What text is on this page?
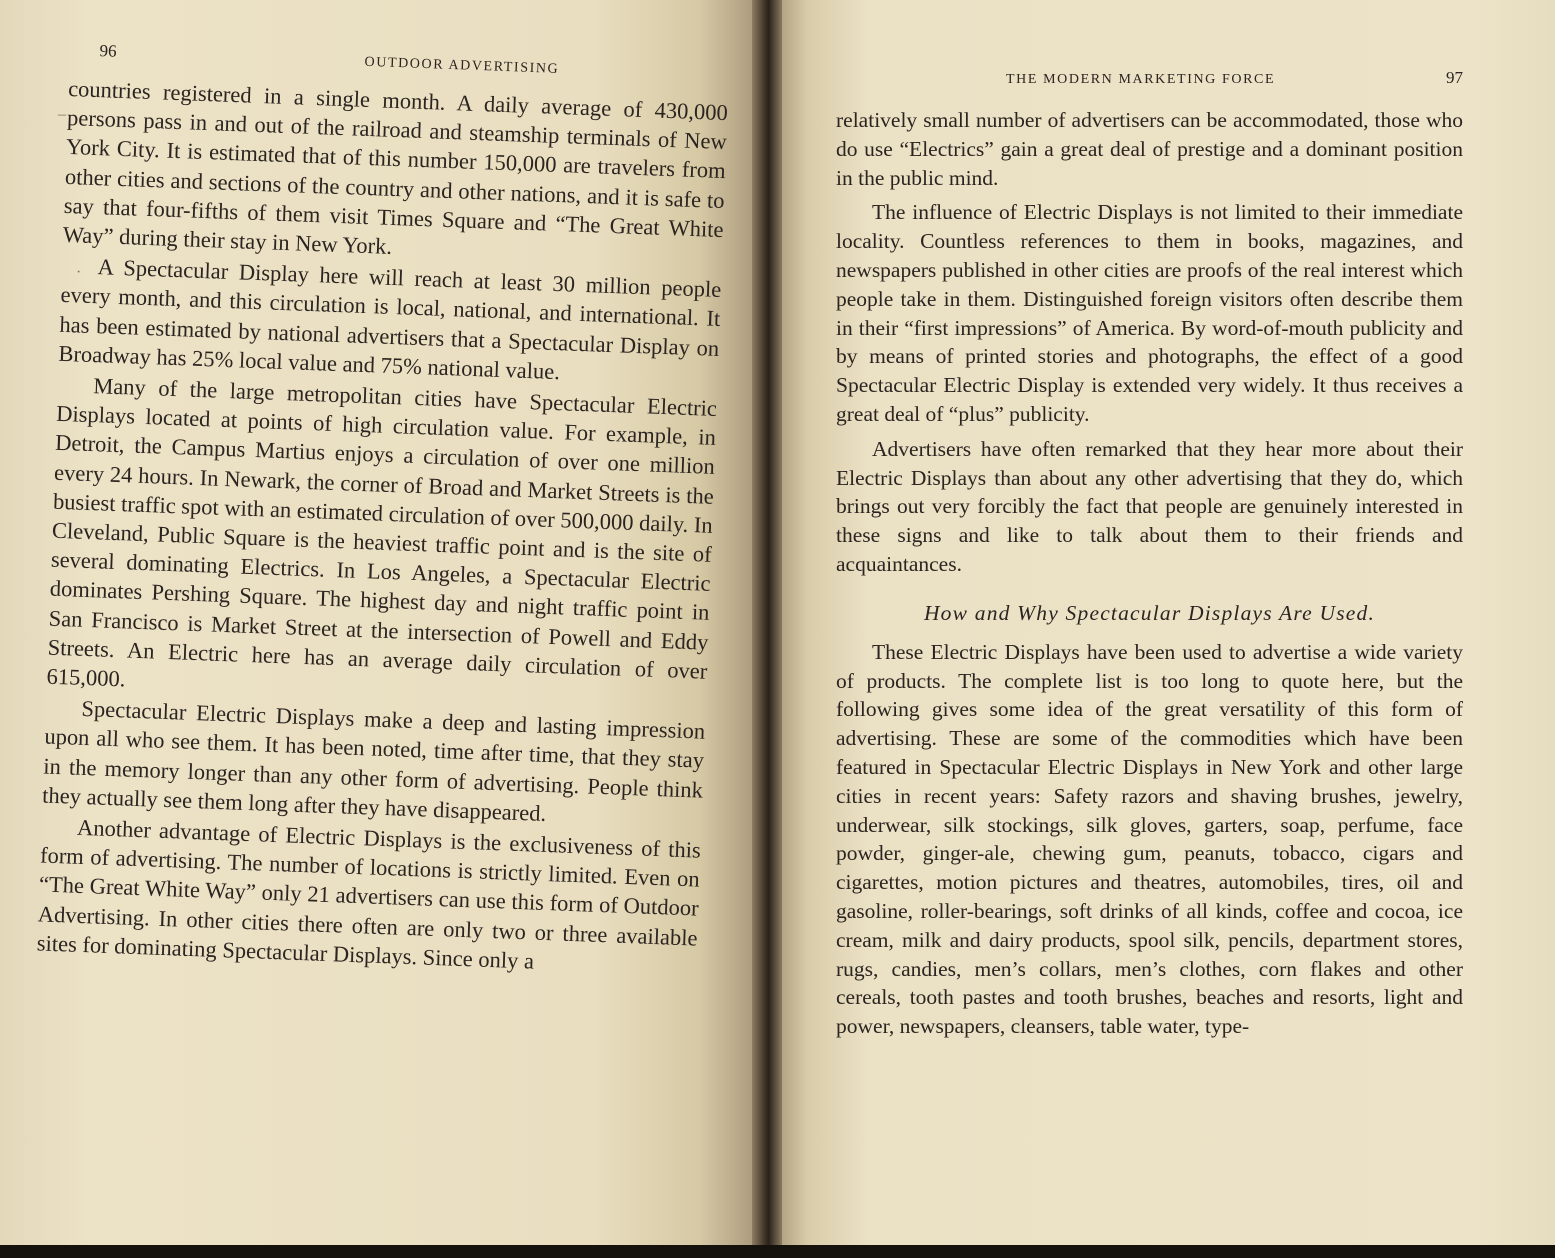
–
·
96
OUTDOOR ADVERTISING

countries registered in a single month. A daily average of 430,000 persons pass in and out of the railroad and steamship terminals of New York City. It is estimated that of this number 150,000 are travelers from other cities and sections of the country and other nations, and it is safe to say that four-fifths of them visit Times Square and “The Great White Way” during their stay in New York.

A Spectacular Display here will reach at least 30 million people every month, and this circulation is local, national, and international. It has been estimated by national advertisers that a Spectacular Display on Broadway has 25% local value and 75% national value.

Many of the large metropolitan cities have Spectacular Electric Displays located at points of high circulation value. For example, in Detroit, the Campus Martius enjoys a circulation of over one million every 24 hours. In Newark, the corner of Broad and Market Streets is the busiest traffic spot with an estimated circulation of over 500,000 daily. In Cleveland, Public Square is the heaviest traffic point and is the site of several dominating Electrics. In Los Angeles, a Spectacular Electric dominates Pershing Square. The highest day and night traffic point in San Francisco is Market Street at the intersection of Powell and Eddy Streets. An Electric here has an average daily circulation of over 615,000.

Spectacular Electric Displays make a deep and lasting impression upon all who see them. It has been noted, time after time, that they stay in the memory longer than any other form of advertising. People think they actually see them long after they have disappeared.

Another advantage of Electric Displays is the exclusiveness of this form of advertising. The number of locations is strictly limited. Even on “The Great White Way” only 21 advertisers can use this form of Outdoor Advertising. In other cities there often are only two or three available sites for dominating Spectacular Displays. Since only a

THE MODERN MARKETING FORCE	97

relatively small number of advertisers can be accommodated, those who do use “Electrics” gain a great deal of prestige and a dominant position in the public mind.

The influence of Electric Displays is not limited to their immediate locality. Countless references to them in books, magazines, and newspapers published in other cities are proofs of the real interest which people take in them. Distinguished foreign visitors often describe them in their “first impressions” of America. By word-of-mouth publicity and by means of printed stories and photographs, the effect of a good Spectacular Electric Display is extended very widely. It thus receives a great deal of “plus” publicity.

Advertisers have often remarked that they hear more about their Electric Displays than about any other advertising that they do, which brings out very forcibly the fact that people are genuinely interested in these signs and like to talk about them to their friends and acquaintances.

How and Why Spectacular Displays Are Used.

These Electric Displays have been used to advertise a wide variety of products. The complete list is too long to quote here, but the following gives some idea of the great versatility of this form of advertising. These are some of the commodities which have been featured in Spectacular Electric Displays in New York and other large cities in recent years: Safety razors and shaving brushes, jewelry, underwear, silk stockings, silk gloves, garters, soap, perfume, face powder, ginger-ale, chewing gum, peanuts, tobacco, cigars and cigarettes, motion pictures and theatres, automobiles, tires, oil and gasoline, roller-bearings, soft drinks of all kinds, coffee and cocoa, ice cream, milk and dairy products, spool silk, pencils, department stores, rugs, candies, men’s collars, men’s clothes, corn flakes and other cereals, tooth pastes and tooth brushes, beaches and resorts, light and power, newspapers, cleansers, table water, type-
